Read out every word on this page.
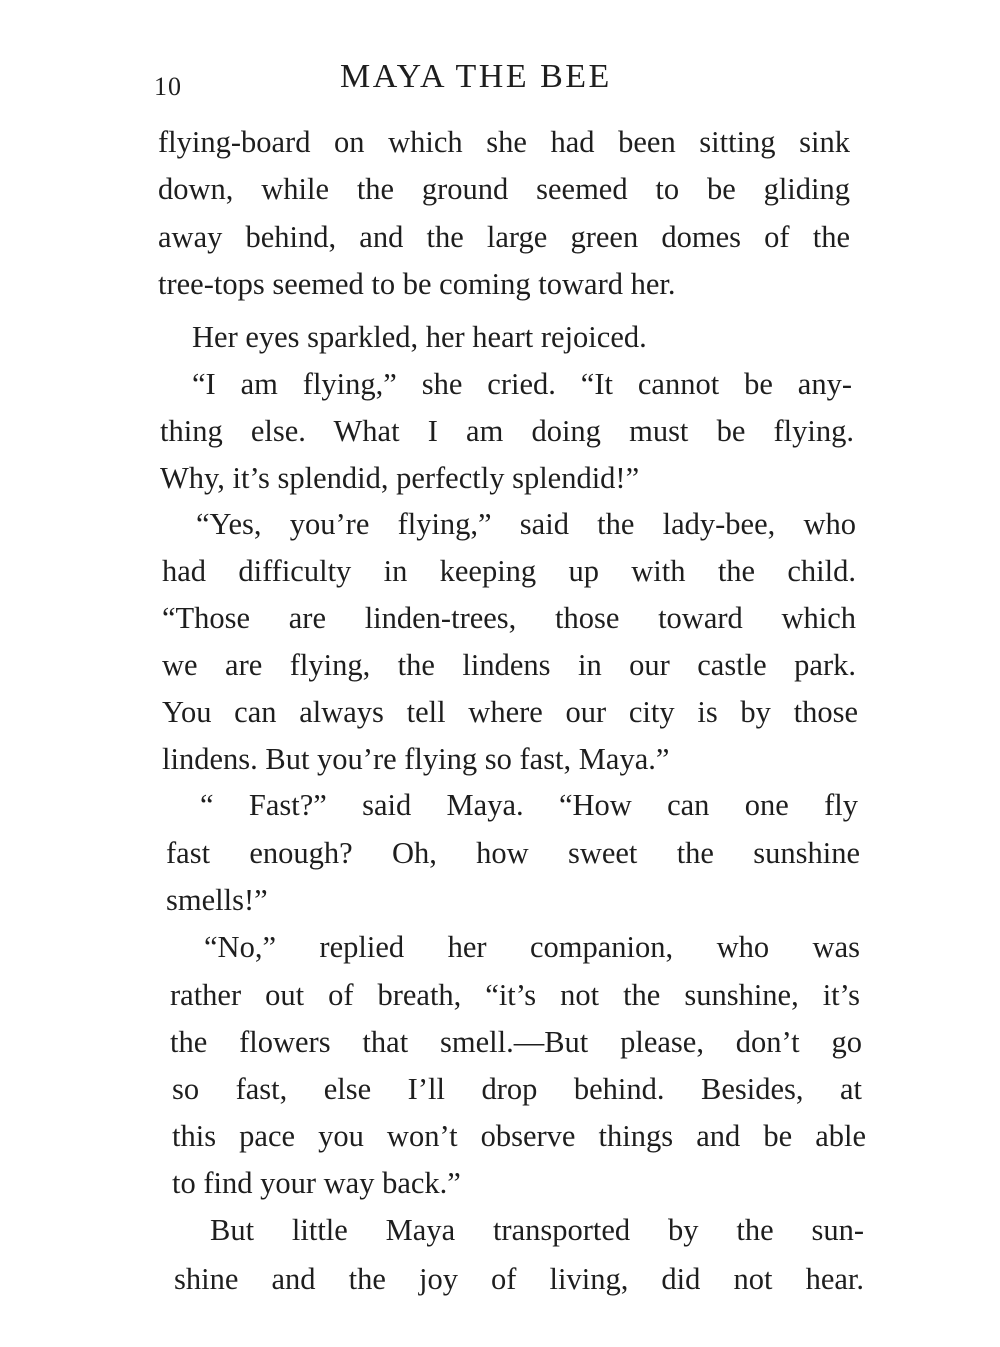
10	MAYA THE BEE
flying-board on which she had been sitting sink
down, while the ground seemed to be gliding
away behind, and the large green domes of the
tree-tops seemed to be coming toward her.
Her eyes sparkled, her heart rejoiced.
“I am flying,” she cried. “It cannot be any-
thing else. What I am doing must be flying.
Why, it’s splendid, perfectly splendid!”
“Yes, you’re flying,” said the lady-bee, who
had difficulty in keeping up with the child.
“Those are linden-trees, those toward which
we are flying, the lindens in our castle park.
You can always tell where our city is by those
lindens. But you’re flying so fast, Maya.”
“ Fast?” said Maya. “How can one fly
fast enough? Oh, how sweet the sunshine
smells!”
“No,” replied her companion, who was
rather out of breath, “it’s not the sunshine, it’s
the flowers that smell.—But please, don’t go
so fast, else I’ll drop behind. Besides, at
this pace you won’t observe things and be able
to find your way back.”
But little Maya transported by the sun-
shine and the joy of living, did not hear.
